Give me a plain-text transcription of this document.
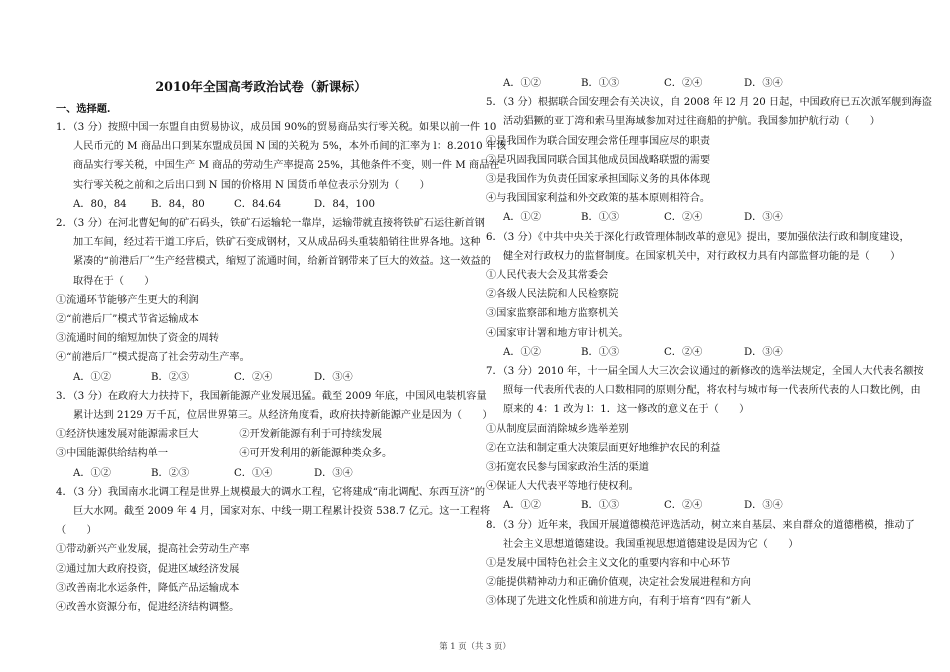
2010年全国高考政治试卷（新课标）
一、选择题.
1．（3 分）按照中国一东盟自由贸易协议，成员国 90%的贸易商品实行零关税。如果以前一件 10
人民币元的 M 商品出口到某东盟成员国 N 国的关税为 5%，本外币间的汇率为 l：8.2010 年该
商品实行零关税，中国生产 M 商品的劳动生产率提高 25%，其他条件不变，则一件 M 商品在
实行零关税之前和之后出口到 N 国的价格用 N 国货币单位表示分别为（　　）
A．80，84 B．84，80	C．84.64	D．84，100
2．（3 分）在河北曹妃甸的矿石码头，铁矿石运输轮一靠岸，运输带就直接将铁矿石运往新首钢
加工车间，经过若干道工序后，铁矿石变成钢材，又从成品码头重装船销往世界各地。这种
紧凑的“前港后厂”生产经营模式，缩短了流通时间，给新首钢带来了巨大的效益。这一效益的
取得在于（　　）
①流通环节能够产生更大的利润
②“前港后厂”模式节省运输成本
③流通时间的缩短加快了资金的周转
④“前港后厂”模式提高了社会劳动生产率。
A．①②	B．②③	C．②④	D．③④
3．（3 分）在政府大力扶持下，我国新能源产业发展迅猛。截至 2009 年底，中国风电装机容量
累计达到 2129 万千瓦，位居世界第三。从经济角度看，政府扶持新能源产业是因为（　　）
①经济快速发展对能源需求巨大　　　　②开发新能源有利于可持续发展
③中国能源供给结构单一　　　　　　　④可开发利用的新能源种类众多。
A．①②	B．②③	C．①④	D．③④
4．（3 分）我国南水北调工程是世界上规模最大的调水工程，它将建成“南北调配、东西互济”的
巨大水网。截至 2009 年 4 月，国家对东、中线一期工程累计投资 538.7 亿元。这一工程将
（　　）
①带动新兴产业发展，提高社会劳动生产率
②通过加大政府投资，促进区域经济发展
③改善南北水运条件，降低产品运输成本
④改善水资源分布，促进经济结构调整。
A．①②	B．①③	C．②④	D．③④
5．（3 分）根据联合国安理会有关决议，自 2008 年 l2 月 20 日起，中国政府已五次派军舰到海盗
活动猖獗的亚丁湾和索马里海域参加对过往商船的护航。我国参加护航行动（　　）
①是我国作为联合国安理会常任理事国应尽的职责
②是巩固我国同联合国其他成员国战略联盟的需要
③是我国作为负责任国家承担国际义务的具体体现
④与我国国家利益和外交政策的基本原则相符合。
A．①②	B．①③	C．②④	D．③④
6．（3 分）《中共中央关于深化行政管理体制改革的意见》提出，要加强依法行政和制度建设，
健全对行政权力的监督制度。在国家机关中，对行政权力具有内部监督功能的是（　　）
①人民代表大会及其常委会
②各级人民法院和人民检察院
③国家监察部和地方监察机关
④国家审计署和地方审计机关。
A．①②	B．①③	C．②④	D．③④
7．（3 分）2010 年，十一届全国人大三次会议通过的新修改的选举法规定，全国人大代表名额按
照每一代表所代表的人口数相同的原则分配，将农村与城市每一代表所代表的人口数比例，由
原来的 4：1 改为 l：1．这一修改的意义在于（　　）
①从制度层面消除城乡选举差别
②在立法和制定重大决策层面更好地维护农民的利益
③拓宽农民参与国家政治生活的渠道
④保证人大代表平等地行使权利。
A．①②	B．①③	C．②④	D．③④
8．（3 分）近年来，我国开展道德模范评选活动，树立来自基层、来自群众的道德楷模，推动了
社会主义思想道德建设。我国重视思想道德建设是因为它（　　）
①是发展中国特色社会主义文化的重要内容和中心环节
②能提供精神动力和正确价值观，决定社会发展进程和方向
③体现了先进文化性质和前进方向，有利于培育“四有”新人
第 1 页（共 3 页）
